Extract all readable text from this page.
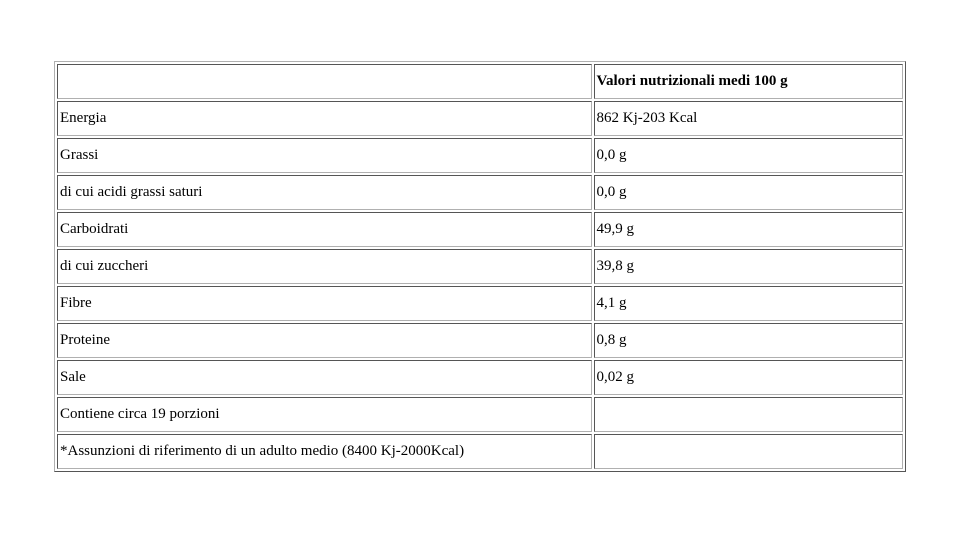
	Valori nutrizionali medi 100 g
Energia	862 Kj-203 Kcal
Grassi	0,0 g
di cui acidi grassi saturi	0,0 g
Carboidrati	49,9 g
di cui zuccheri	39,8 g
Fibre	4,1 g
Proteine	0,8 g
Sale	0,02 g
Contiene circa 19 porzioni	
*Assunzioni di riferimento di un adulto medio (8400 Kj-2000Kcal)	
